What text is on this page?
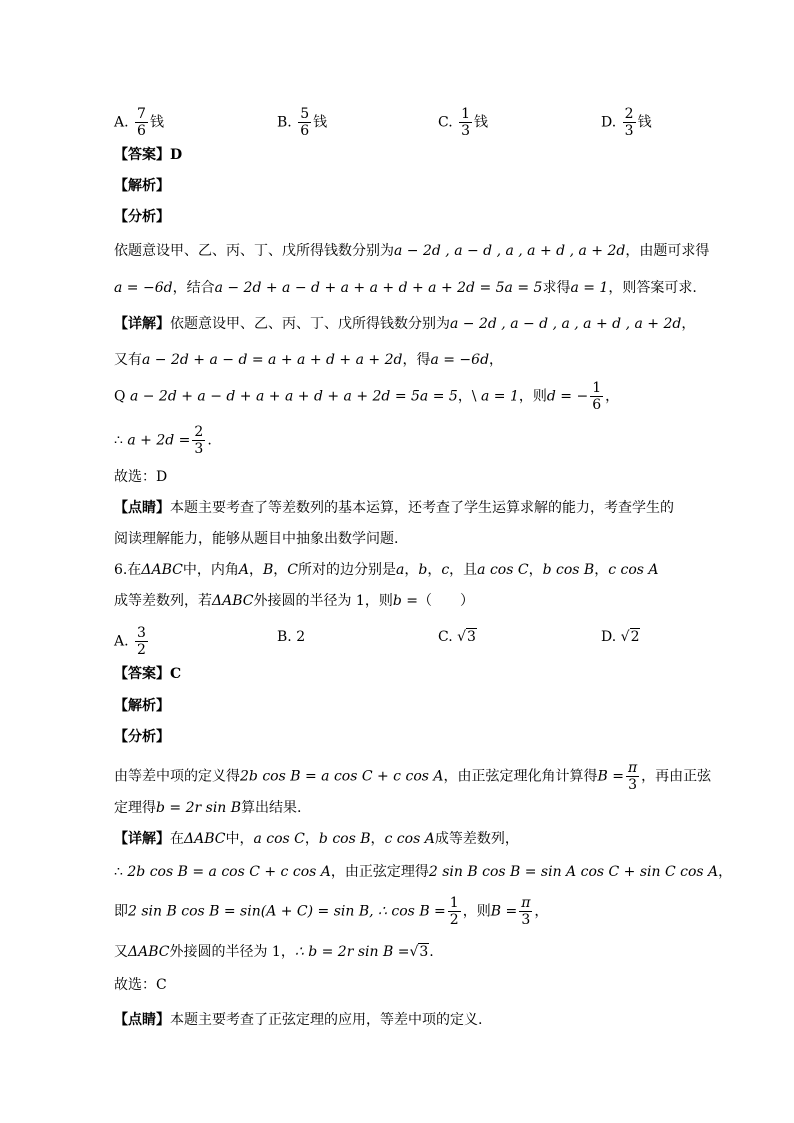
A. $\frac{7}{6}$ 钱	B. $\frac{5}{6}$ 钱	C. $\frac{1}{3}$ 钱	D. $\frac{2}{3}$ 钱
【答案】D
【解析】
【分析】
依题意设甲、乙、丙、丁、戊所得钱数分别为a − 2d , a − d , a , a + d , a + 2d，由题可求得
a = −6d，结合a − 2d + a − d + a + a + d + a + 2d = 5a = 5求得a = 1，则答案可求.
【详解】依题意设甲、乙、丙、丁、戊所得钱数分别为a − 2d , a − d , a , a + d , a + 2d，
又有a − 2d + a − d = a + a + d + a + 2d，得a = −6d，
Q a − 2d + a − d + a + a + d + a + 2d = 5a = 5，\ a = 1，则d = − $\frac{1}{6}$ ，
∴ $a + 2d = \frac{2}{3}$ .
故选：D
【点睛】本题主要考查了等差数列的基本运算，还考查了学生运算求解的能力，考查学生的
阅读理解能力，能够从题目中抽象出数学问题.
6.在ΔABC中，内角A，B，C所对的边分别是a，b，c，且a cos C，b cos B，c cos A
成等差数列，若ΔABC外接圆的半径为 1，则b =（　　）
A. $\frac{3}{2}$	B. 2	C. √3	D. √2
【答案】C
【解析】
【分析】
由等差中项的定义得2b cos B = a cos C + c cos A，由正弦定理化角计算得$B = \frac{\pi}{3}$ ，再由正弦
定理得b = 2r sin B算出结果.
【详解】在ΔABC中，a cos C，b cos B，c cos A成等差数列，
∴ 2b cos B = a cos C + c cos A，由正弦定理得2 sin B cos B = sin A cos C + sin C cos A，
即2 sin B cos B = sin(A + C) = sin B, ∴ $\cos B = \frac{1}{2}$ ，则$B = \frac{\pi}{3}$ ，
又ΔABC外接圆的半径为 1，∴ b = 2r sin B =√3.
故选：C
【点睛】本题主要考查了正弦定理的应用，等差中项的定义.
